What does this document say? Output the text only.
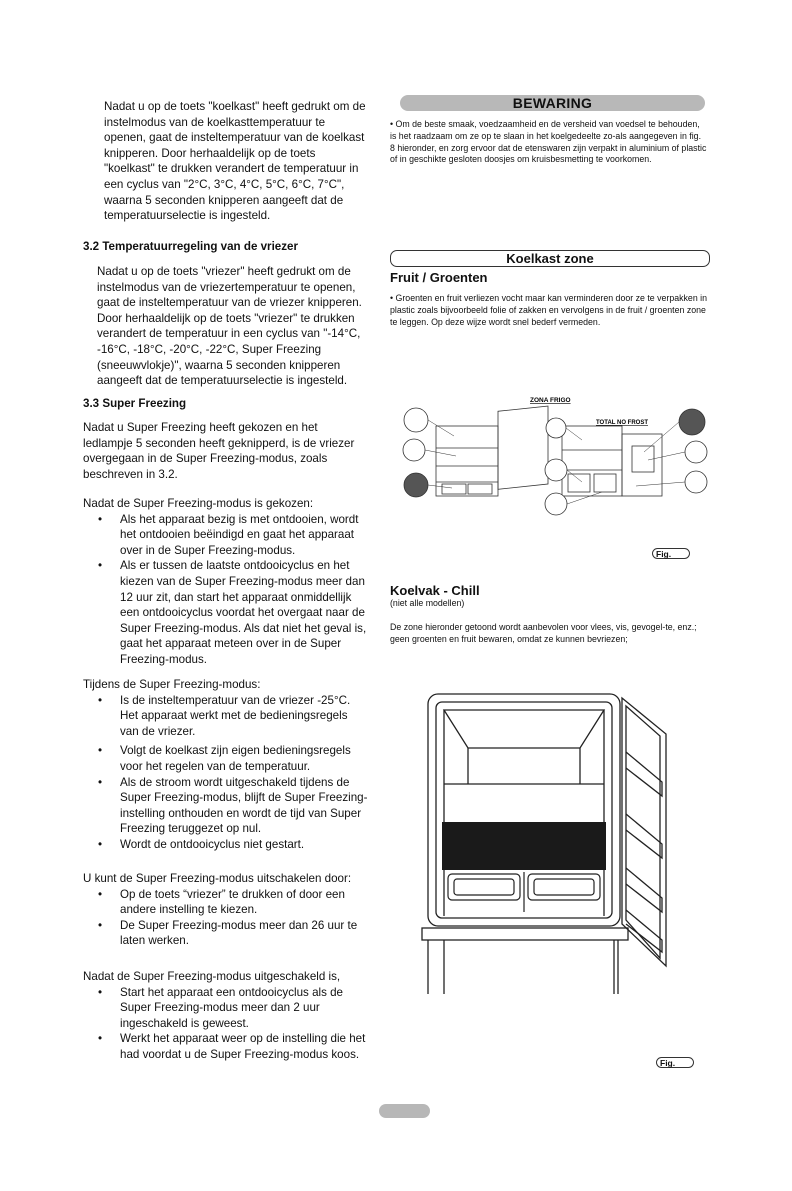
Nadat u op de toets "koelkast" heeft gedrukt om de instelmodus van de koelkasttemperatuur te openen, gaat de insteltemperatuur van de koelkast knipperen. Door herhaaldelijk op de toets "koelkast" te drukken verandert de temperatuur in een cyclus van "2°C, 3°C, 4°C, 5°C, 6°C, 7°C", waarna 5 seconden knipperen aangeeft dat de temperatuurselectie is ingesteld.
3.2 Temperatuurregeling van de vriezer
Nadat u op de toets "vriezer" heeft gedrukt om de instelmodus van de vriezertemperatuur te openen, gaat de insteltemperatuur van de vriezer knipperen. Door herhaaldelijk op de toets "vriezer" te drukken verandert de temperatuur in een cyclus van "-14°C, -16°C, -18°C, -20°C, -22°C, Super Freezing (sneeuwvlokje)", waarna 5 seconden knipperen aangeeft dat de temperatuurselectie is ingesteld.
3.3 Super Freezing
Nadat u Super Freezing heeft gekozen en het ledlampje 5 seconden heeft geknipperd, is de vriezer overgegaan in de Super Freezing-modus, zoals beschreven in 3.2.
Nadat de Super Freezing-modus is gekozen:
• Als het apparaat bezig is met ontdooien, wordt het ontdooien beëindigd en gaat het apparaat over in de Super Freezing-modus.
• Als er tussen de laatste ontdooicyclus en het kiezen van de Super Freezing-modus meer dan 12 uur zit, dan start het apparaat onmiddellijk een ontdooicyclus voordat het overgaat naar de Super Freezing-modus. Als dat niet het geval is, gaat het apparaat meteen over in de Super Freezing-modus.
Tijdens de Super Freezing-modus:
• Is de insteltemperatuur van de vriezer -25°C. Het apparaat werkt met de bedieningsregels van de vriezer.
• Volgt de koelkast zijn eigen bedieningsregels voor het regelen van de temperatuur.
• Als de stroom wordt uitgeschakeld tijdens de Super Freezing-modus, blijft de Super Freezing-instelling onthouden en wordt de tijd van Super Freezing teruggezet op nul.
• Wordt de ontdooicyclus niet gestart.
U kunt de Super Freezing-modus uitschakelen door:
• Op de toets “vriezer” te drukken of door een andere instelling te kiezen.
• De Super Freezing-modus meer dan 26 uur te laten werken.
Nadat de Super Freezing-modus uitgeschakeld is,
• Start het apparaat een ontdooicyclus als de Super Freezing-modus meer dan 2 uur ingeschakeld is geweest.
• Werkt het apparaat weer op de instelling die het had voordat u de Super Freezing-modus koos.
BEWARING
• Om de beste smaak, voedzaamheid en de versheid van voedsel te behouden, is het raadzaam om ze op te slaan in het koelgedeelte zo-als aangegeven in fig. 8 hieronder, en zorg ervoor dat de etenswaren zijn verpakt in aluminium of plastic of in geschikte gesloten doosjes om kruisbesmetting te voorkomen.
Koelkast zone
Fruit / Groenten
• Groenten en fruit verliezen vocht maar kan verminderen door ze te verpakken in plastic zoals bijvoorbeeld folie of zakken en vervolgens in de fruit / groenten zone te leggen. Op deze wijze wordt snel bederf vermeden.
ZONA FRIGO
TOTAL NO FROST
Fig.
Koelvak - Chill
(niet alle modellen)
De zone hieronder getoond wordt aanbevolen voor vlees, vis, gevogel-te, enz.; geen groenten en fruit bewaren, omdat ze kunnen bevriezen;
Fig.
